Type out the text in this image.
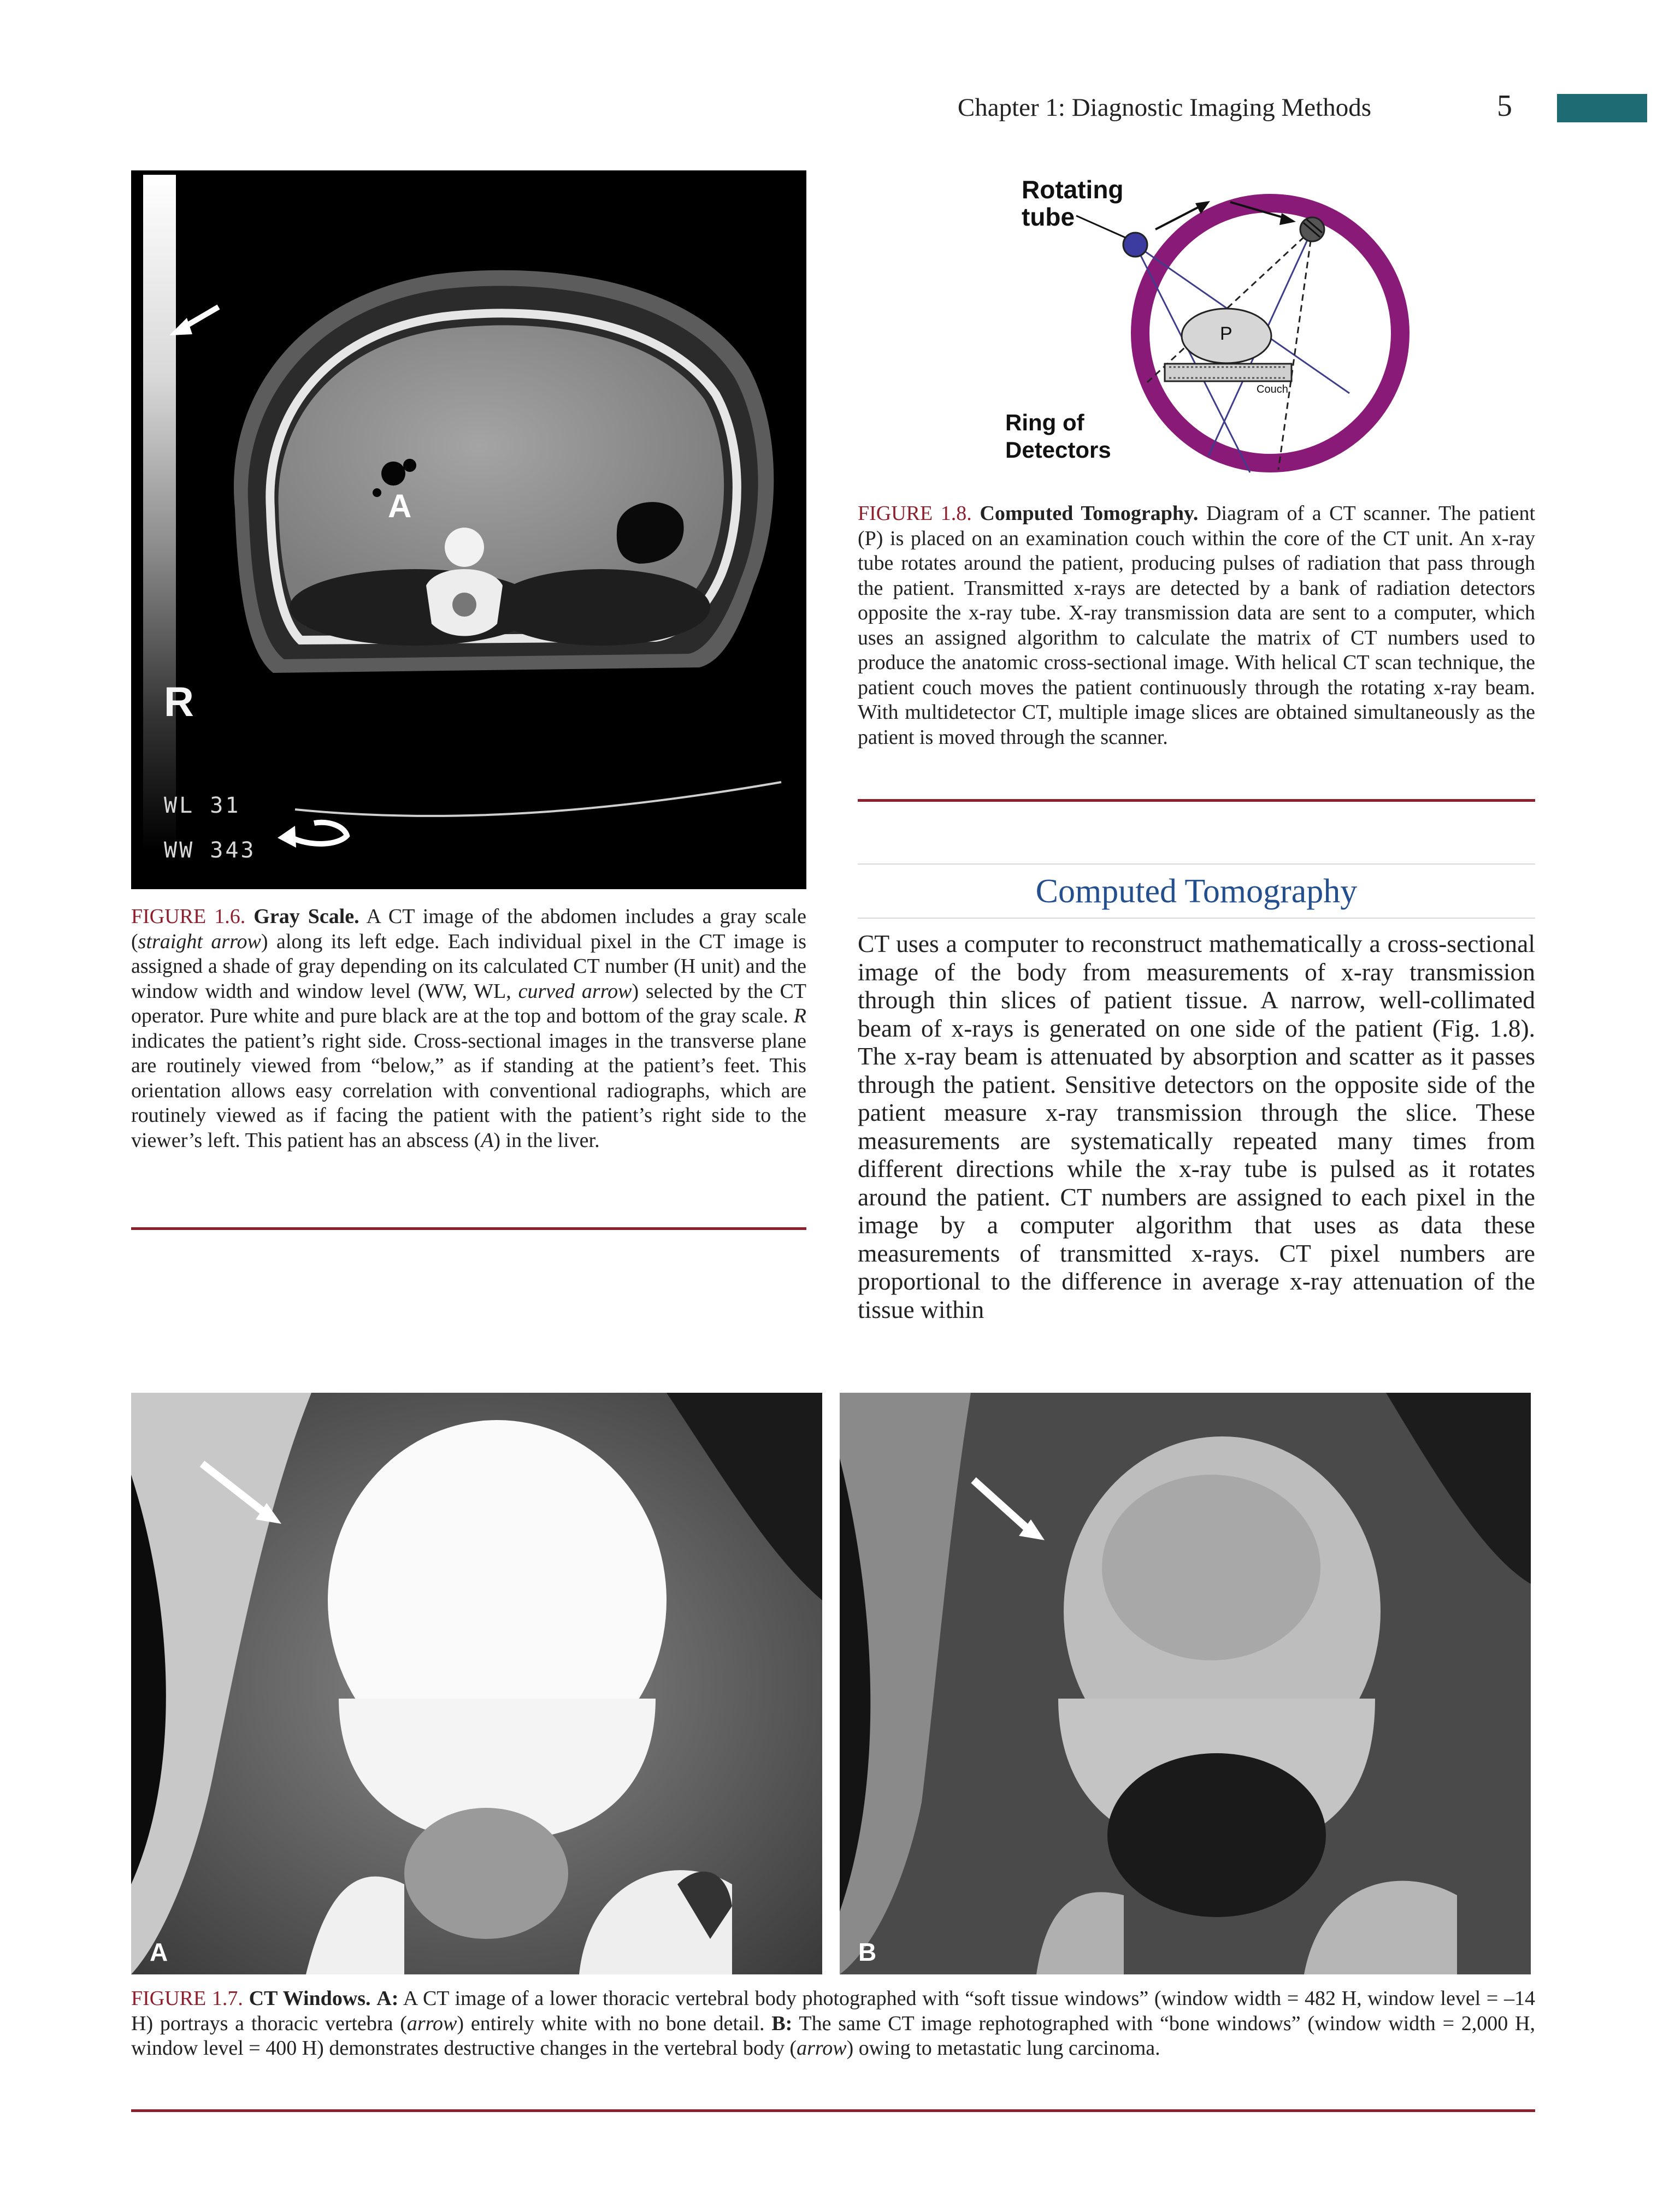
Chapter 1: Diagnostic Imaging Methods	5
R
A
WL 31
WW 343
FIGURE 1.6. Gray Scale. A CT image of the abdomen includes a gray scale (straight arrow) along its left edge. Each individual pixel in the CT image is assigned a shade of gray depending on its calculated CT number (H unit) and the window width and window level (WW, WL, curved arrow) selected by the CT operator. Pure white and pure black are at the top and bottom of the gray scale. R indicates the patient’s right side. Cross-sectional images in the transverse plane are routinely viewed from “below,” as if standing at the patient’s feet. This orientation allows easy correlation with conventional radiographs, which are routinely viewed as if facing the patient with the patient’s right side to the viewer’s left. This patient has an abscess (A) in the liver.
Rotating
tube
P
Couch
Ring of
Detectors
FIGURE 1.8. Computed Tomography. Diagram of a CT scanner. The patient (P) is placed on an examination couch within the core of the CT unit. An x-ray tube rotates around the patient, producing pulses of radiation that pass through the patient. Transmitted x-rays are detected by a bank of radiation detectors opposite the x-ray tube. X-ray transmission data are sent to a computer, which uses an assigned algorithm to calculate the matrix of CT numbers used to produce the anatomic cross-sectional image. With helical CT scan technique, the patient couch moves the patient continuously through the rotating x-ray beam. With multidetector CT, multiple image slices are obtained simultaneously as the patient is moved through the scanner.
Computed Tomography
CT uses a computer to reconstruct mathematically a cross-sectional image of the body from measurements of x-ray transmission through thin slices of patient tissue. A narrow, well-collimated beam of x-rays is generated on one side of the patient (Fig. 1.8). The x-ray beam is attenuated by absorption and scatter as it passes through the patient. Sensitive detectors on the opposite side of the patient measure x-ray transmission through the slice. These measurements are systematically repeated many times from different directions while the x-ray tube is pulsed as it rotates around the patient. CT numbers are assigned to each pixel in the image by a computer algorithm that uses as data these measurements of transmitted x-rays. CT pixel numbers are proportional to the difference in average x-ray attenuation of the tissue within
A	B
FIGURE 1.7. CT Windows. A: A CT image of a lower thoracic vertebral body photographed with “soft tissue windows” (window width = 482 H, window level = –14 H) portrays a thoracic vertebra (arrow) entirely white with no bone detail. B: The same CT image rephotographed with “bone windows” (window width = 2,000 H, window level = 400 H) demonstrates destructive changes in the vertebral body (arrow) owing to metastatic lung carcinoma.
